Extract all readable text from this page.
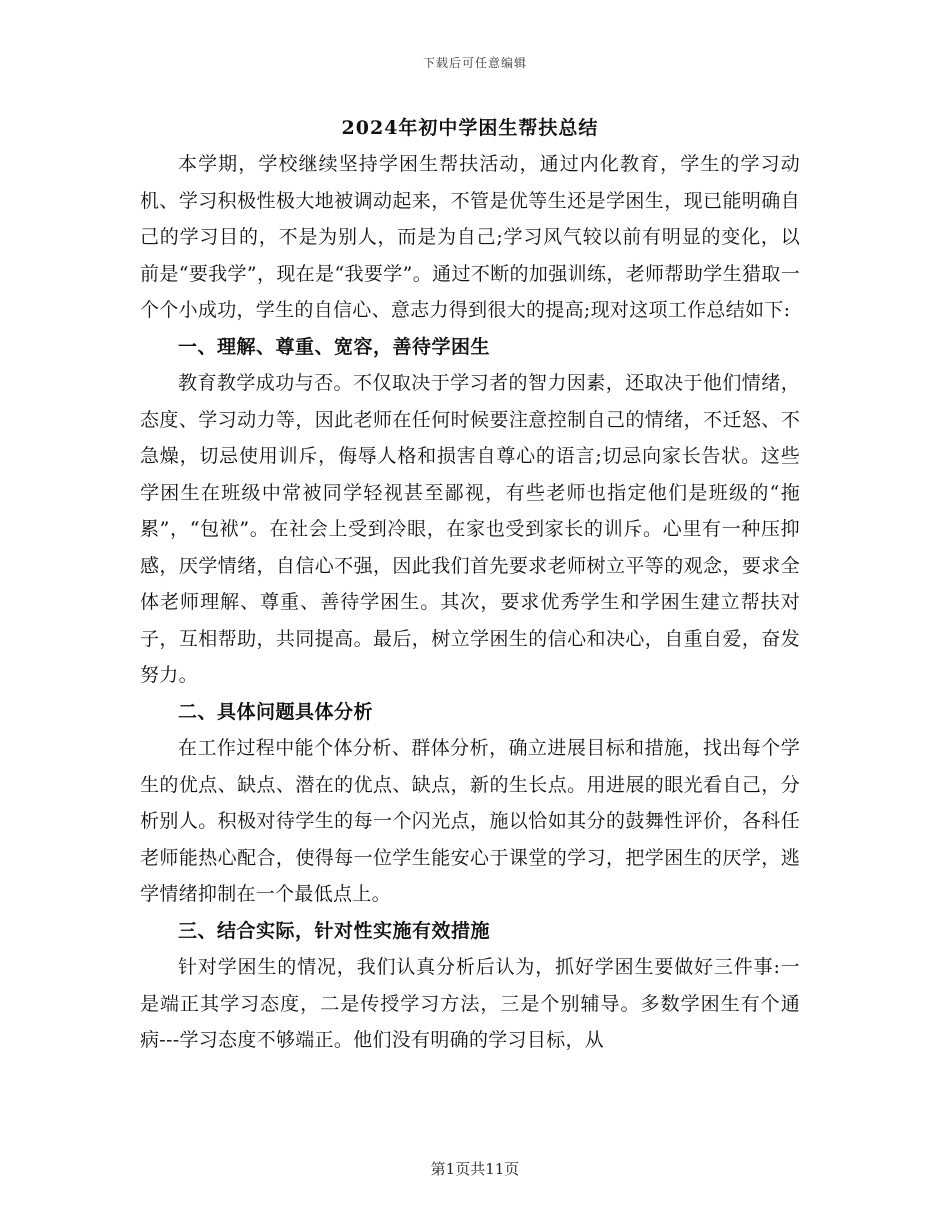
下载后可任意编辑
2024年初中学困生帮扶总结

本学期，学校继续坚持学困生帮扶活动，通过内化教育，学生的学习动机、学习积极性极大地被调动起来，不管是优等生还是学困生，现已能明确自己的学习目的，不是为别人，而是为自己;学习风气较以前有明显的变化，以前是“要我学”，现在是“我要学”。通过不断的加强训练，老师帮助学生猎取一个个小成功，学生的自信心、意志力得到很大的提高;现对这项工作总结如下:

一、理解、尊重、宽容，善待学困生

教育教学成功与否。不仅取决于学习者的智力因素，还取决于他们情绪，态度、学习动力等，因此老师在任何时候要注意控制自己的情绪，不迁怒、不急燥，切忌使用训斥，侮辱人格和损害自尊心的语言;切忌向家长告状。这些学困生在班级中常被同学轻视甚至鄙视，有些老师也指定他们是班级的“拖累”，“包袱”。在社会上受到冷眼，在家也受到家长的训斥。心里有一种压抑感，厌学情绪，自信心不强，因此我们首先要求老师树立平等的观念，要求全体老师理解、尊重、善待学困生。其次，要求优秀学生和学困生建立帮扶对子，互相帮助，共同提高。最后，树立学困生的信心和决心，自重自爱，奋发努力。

二、具体问题具体分析

在工作过程中能个体分析、群体分析，确立进展目标和措施，找出每个学生的优点、缺点、潜在的优点、缺点，新的生长点。用进展的眼光看自己，分析别人。积极对待学生的每一个闪光点，施以恰如其分的鼓舞性评价，各科任老师能热心配合，使得每一位学生能安心于课堂的学习，把学困生的厌学，逃学情绪抑制在一个最低点上。

三、结合实际，针对性实施有效措施

针对学困生的情况，我们认真分析后认为，抓好学困生要做好三件事:一是端正其学习态度，二是传授学习方法，三是个别辅导。多数学困生有个通病---学习态度不够端正。他们没有明确的学习目标，从

第1页共11页
